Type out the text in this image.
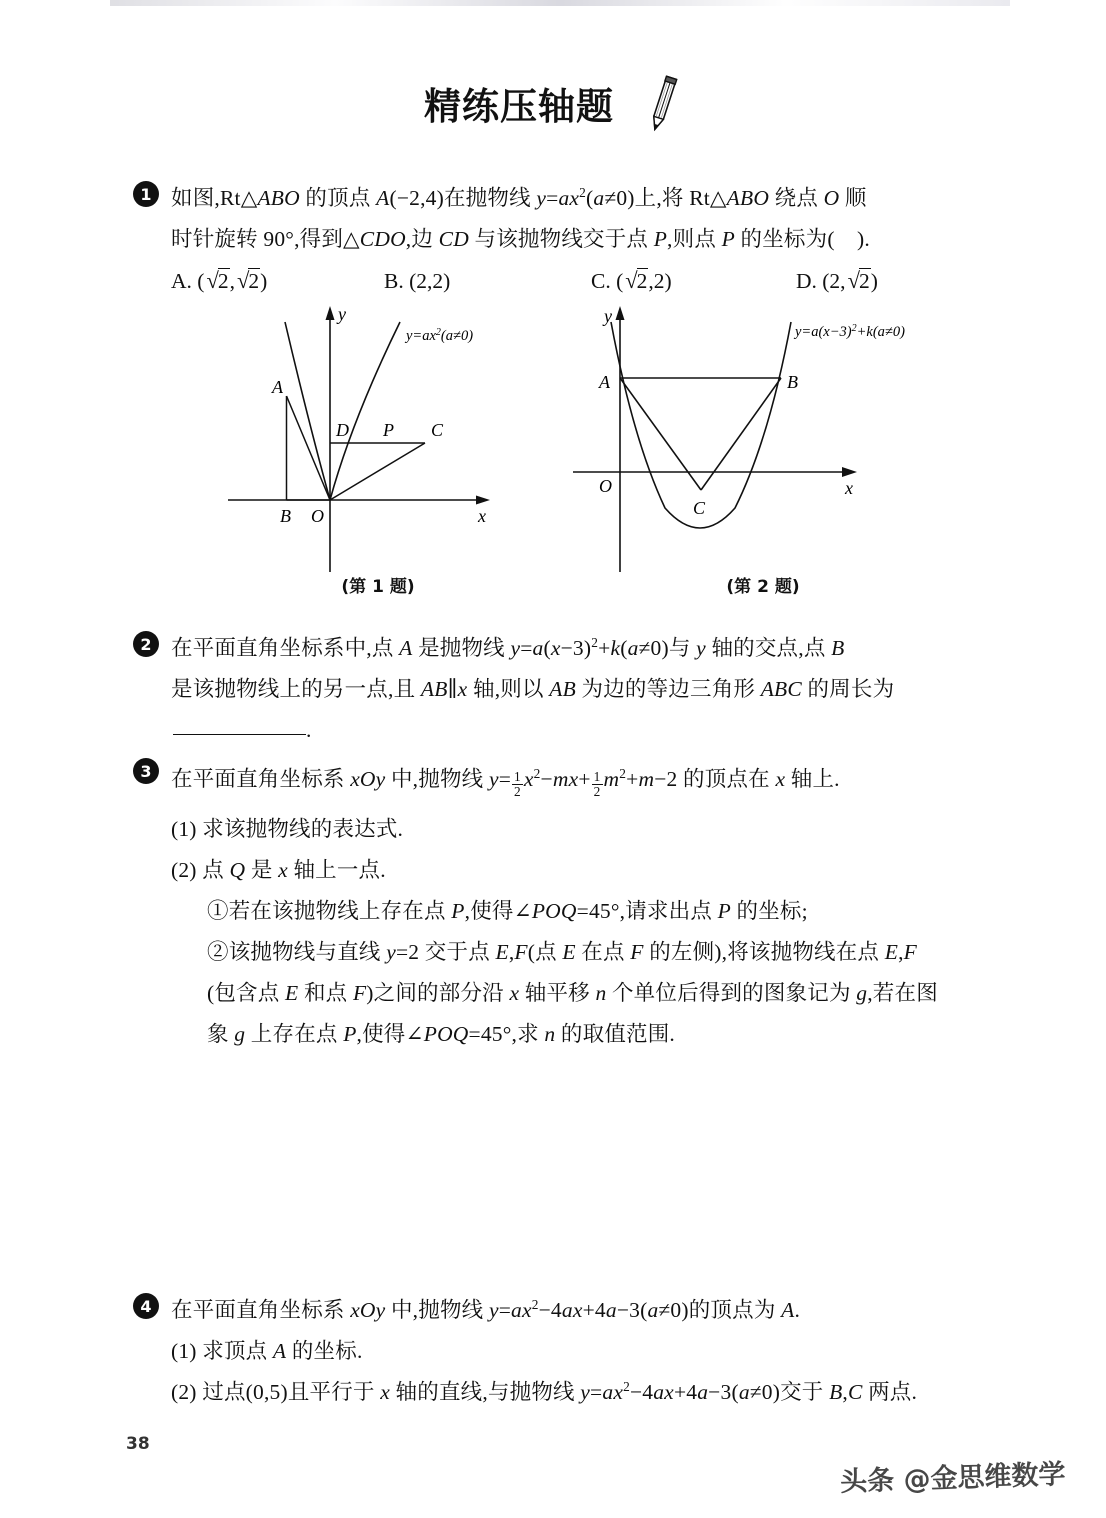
精练压轴题
1 如图,Rt△ABO 的顶点 A(−2,4)在抛物线 $y=ax^2(a\ne 0)$上,将 Rt△ABO 绕点 O 顺
时针旋转 90°,得到△CDO,边 CD 与该抛物线交于点 P,则点 P 的坐标为(    ).
A. (√2,√2)	B. (2,2)	C. (√2,2)	D. (2,√2)
A
B O
D P C
y
x
$y=ax^2(a\ne 0)$
(第 1 题)
A	B
C
O
y
x
$y=a(x-3)^2+k(a\ne 0)$
(第 2 题)
2 在平面直角坐标系中,点 A 是抛物线 $y=a(x-3)^2+k(a\ne 0)$与 y 轴的交点,点 B
是该抛物线上的另一点,且 AB∥x 轴,则以 AB 为边的等边三角形 ABC 的周长为
.
3 在平面直角坐标系 xOy 中,抛物线 $y= \frac{1}{2} x^2-mx+ \frac{1}{2} m^2+m-2$ 的顶点在 x 轴上.
(1) 求该抛物线的表达式.
(2) 点 Q 是 x 轴上一点.
①若在该抛物线上存在点 P,使得∠POQ=45°,请求出点 P 的坐标;
②该抛物线与直线 y=2 交于点 E,F(点 E 在点 F 的左侧),将该抛物线在点 E,F
(包含点 E 和点 F)之间的部分沿 x 轴平移 n 个单位后得到的图象记为 g,若在图
象 g 上存在点 P,使得∠POQ=45°,求 n 的取值范围.
4 在平面直角坐标系 xOy 中,抛物线 $y=ax^2-4ax+4a-3(a\ne 0)$的顶点为 A.
(1) 求顶点 A 的坐标.
(2) 过点(0,5)且平行于 x 轴的直线,与抛物线 $y=ax^2-4ax+4a-3(a\ne 0)$交于 B,C 两点.
38
头条 @金思维数学
